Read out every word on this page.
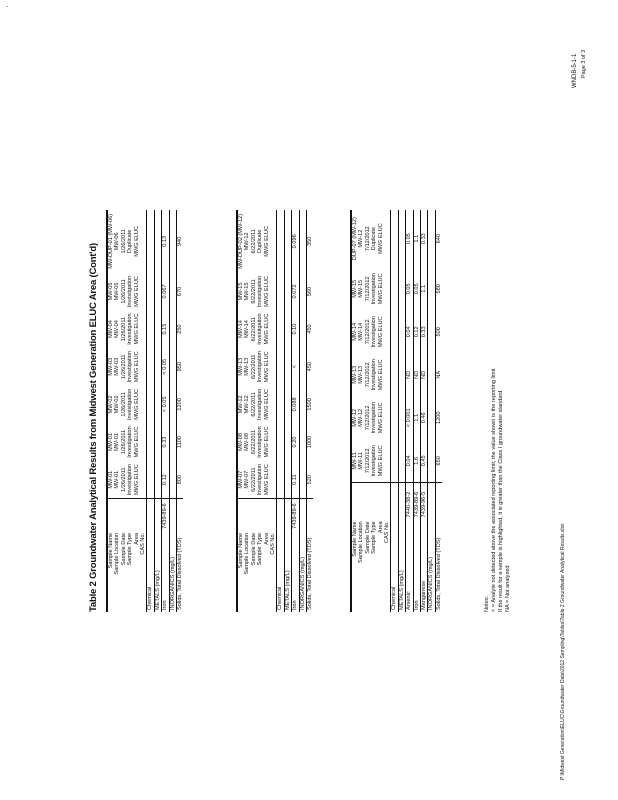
-
Table 2 Groundwater Analytical Results from Midwest Generation ELUC Area (Cont'd) Sample Name		MW-01	MW-01	MW-02	MW-03	MW-04	MW-05	MW-DUP-01 (MW-06)
Sample Location		MW-01	MW-01	MW-02	MW-03	MW-04	MW-05	MW-06
Sample Date		1/26/2011	1/26/2011	1/26/2011	1/26/2011	1/26/2011	1/26/2011	1/26/2011
Sample Type		Investigation	Investigation	Investigation	Investigation	Investigation	Investigation	Duplicate
Area		MWG ELUC	MWG ELUC	MWG ELUC	MWG ELUC	MWG ELUC	MWG ELUC	MWG ELUC
CAS No.								
Chemical								
METALS (mg/L)								
Iron	7439-89-6	0.12	0.33	< 0.05	< 0.05	0.15	0.067	0.13
INORGANICS (mg/L)								
Solids, Total Dissolved (TDS)		800	1100	1200	950	250	670	940
Sample Name		MW-07	MW-08	MW-12	MW-13	MW-14	MW-15	MW-DUP-02 (MW-12)
Sample Location		MW-07	MW-08	MW-12	MW-13	MW-14	MW-15	MW-12
Sample Date		6/22/2011	6/22/2011	6/22/2011	6/22/2011	6/22/2011	6/22/2011	6/22/2011
Sample Type		Investigation	Investigation	Investigation	Investigation	Investigation	Investigation	Duplicate
Area		MWG ELUC	MWG ELUC	MWG ELUC	MWG ELUC	MWG ELUC	MWG ELUC	MWG ELUC
CAS No.								
Chemical								
METALS (mg/L)								
Iron	7439-89-6	0.11	0.20	0.088	<	0.10	0.072	0.096
INORGANICS (mg/L)								
Solids, Total Dissolved (TDS)		520	1000	1500	450	450	560	350
Sample Name		MW-11	MW-12	MW-13	MW-14	MW-15	DUP-07 (MW-12)
Sample Location		MW-11	MW-12	MW-13	MW-14	MW-15	MW-12
Sample Date		7/12/2012	7/12/2012	7/12/2012	7/12/2012	7/12/2012	7/12/2012
Sample Type		Investigation	Investigation	Investigation	Investigation	Investigation	Duplicate
Area		MWG ELUC	MWG ELUC	MWG ELUC	MWG ELUC	MWG ELUC	MWG ELUC
CAS No.							
Chemical							
METALS (mg/L)							
Arsenic	7440-38-2	0.04	< 0.001	ND	0.04	0.05	0.05
Iron	7439-89-6	1.6	1.1	ND	0.12	0.05	1.1
Manganese	7439-96-5	0.45	0.46	ND	0.33	1.1	0.33
INORGANICS (mg/L)							
Solids, Total Dissolved (TDS)		650	1200	NA	500	580	640
Notes: < = Analyte not detected above the associated reporting limit; the value shown is the reporting limit If the result for a sample is highlighted, it is greater than the Class I groundwater standard NA = Not analyzed	P:\Midwest Generation\ELUC\Groundwater Data\2012 Sampling\Tables\Table 2 Groundwater Analytical Results.xlsx
WNDB-5-1-1 Page 3 of 3
